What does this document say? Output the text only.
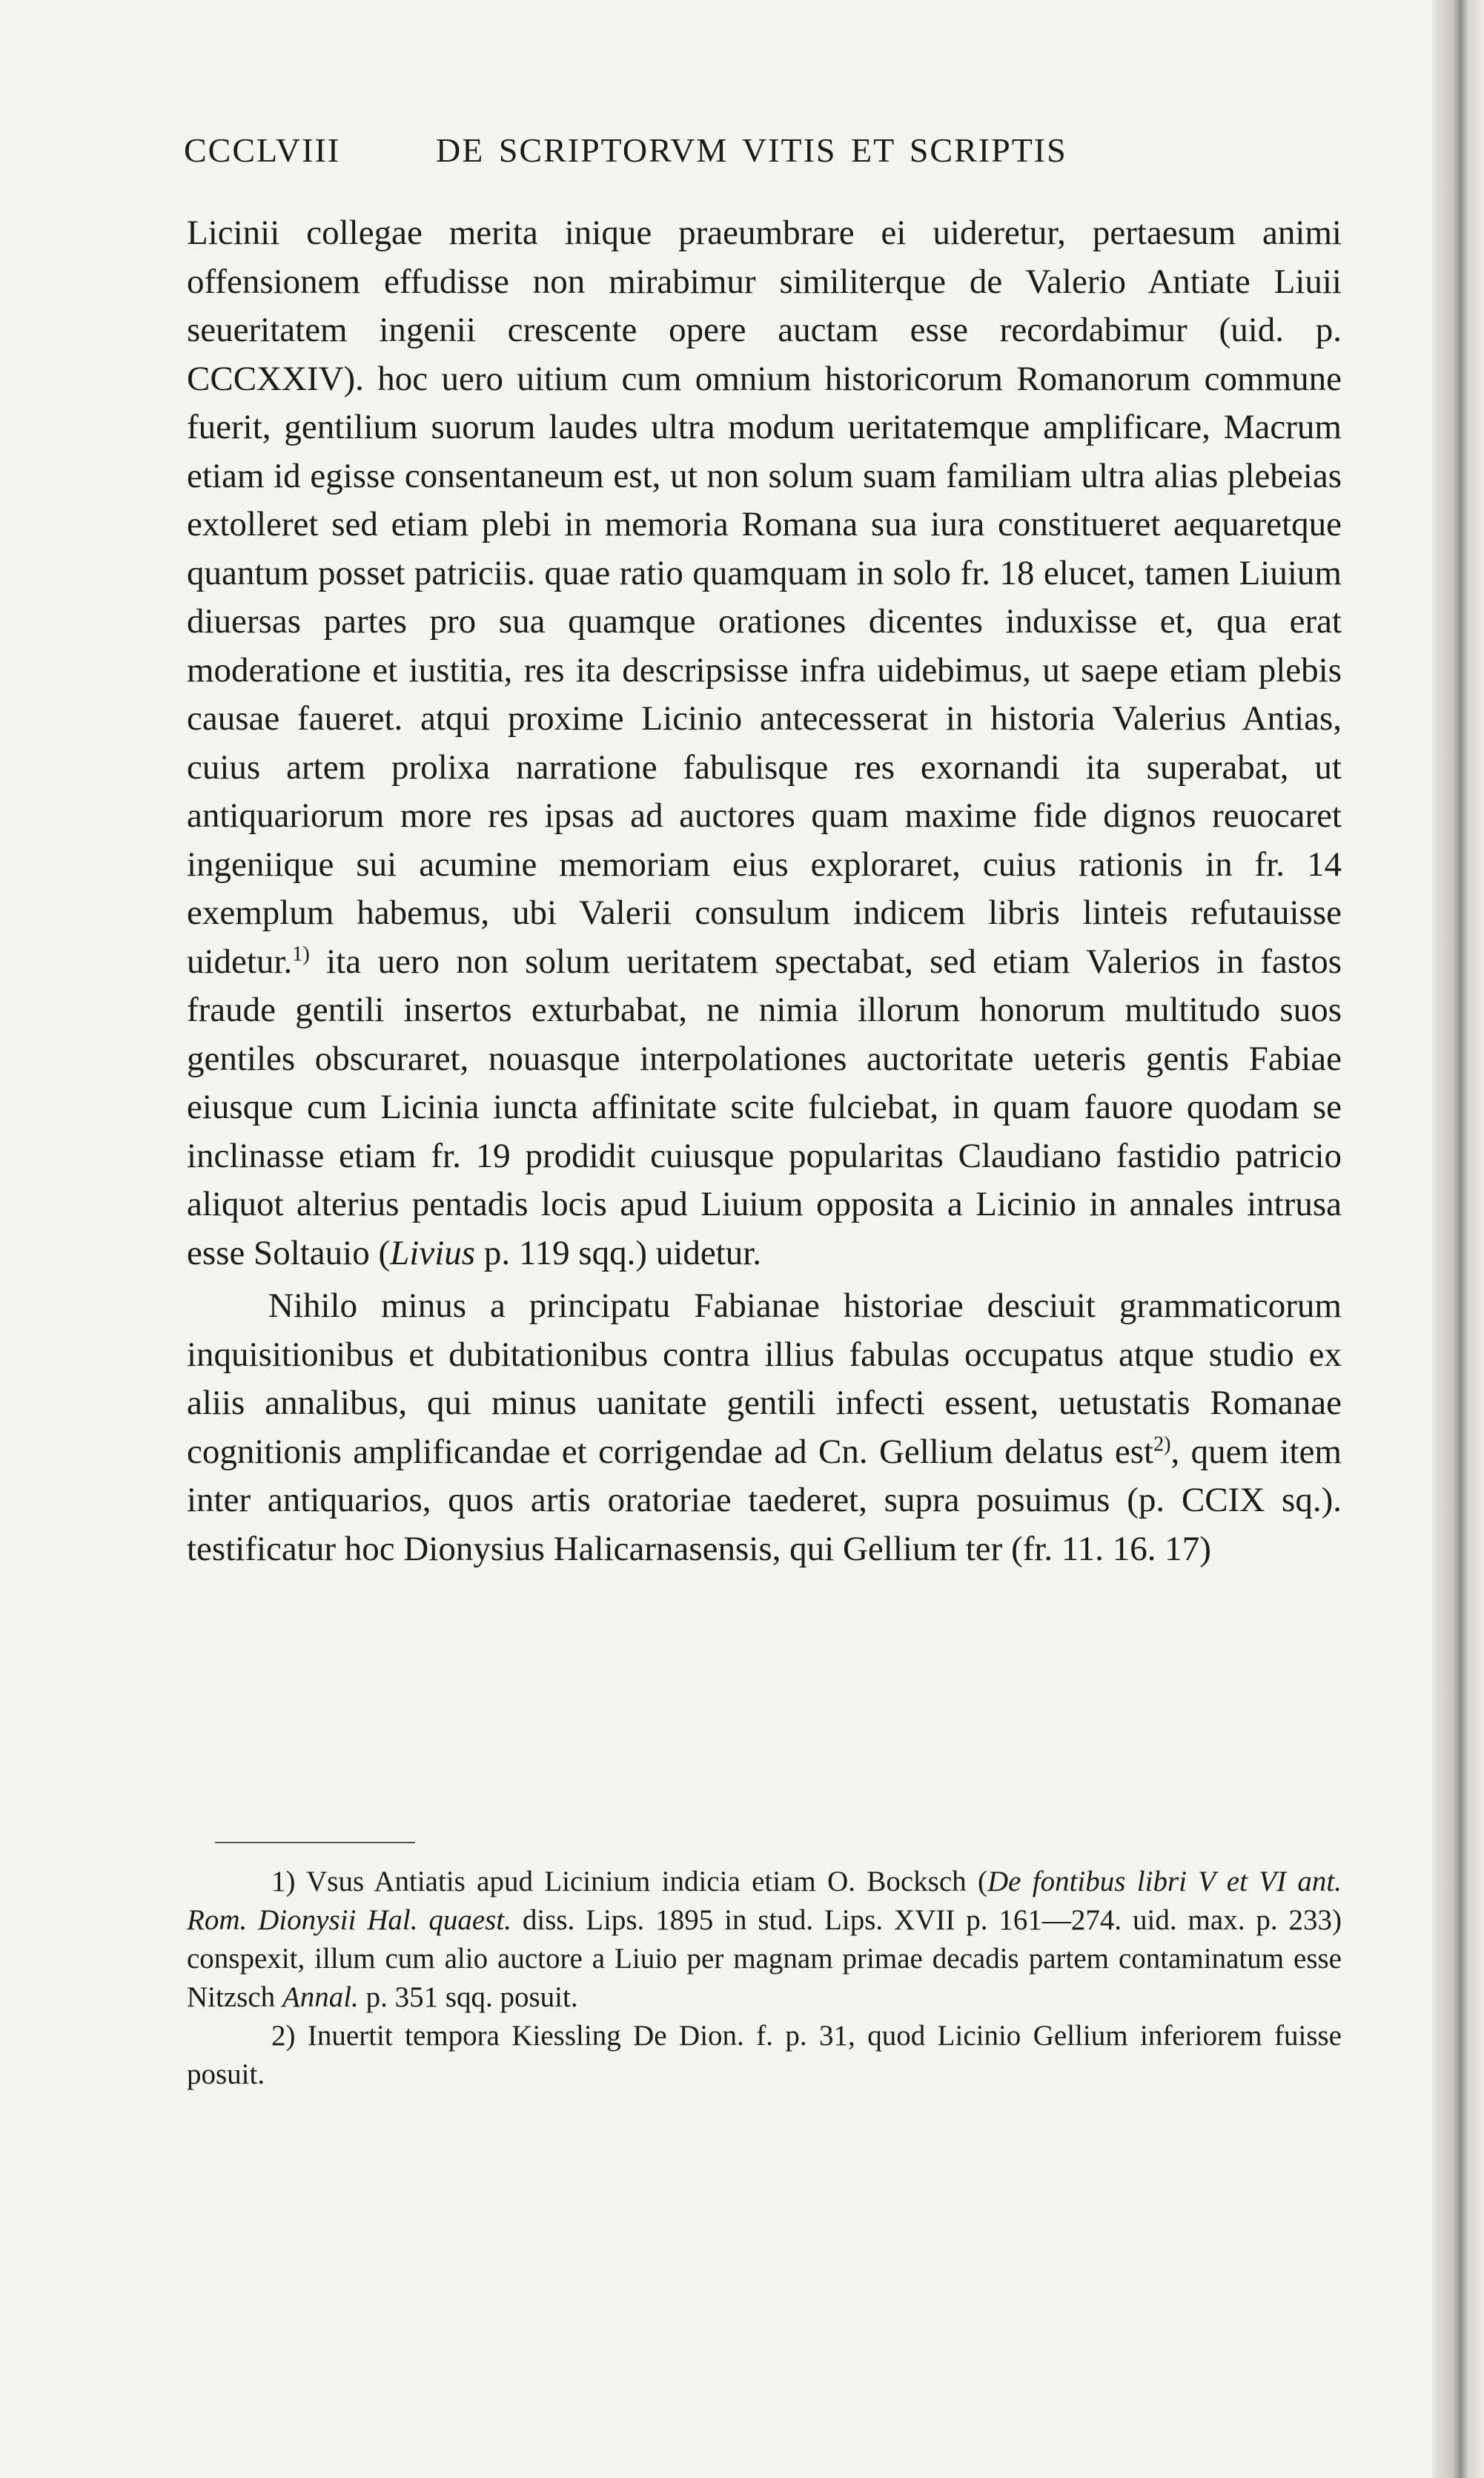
CCCLVIII	DE SCRIPTORVM VITIS ET SCRIPTIS

Licinii collegae merita inique praeumbrare ei uideretur, pertaesum animi offensionem effudisse non mirabimur similiterque de Valerio Antiate Liuii seueritatem ingenii crescente opere auctam esse recordabimur (uid. p. CCCXXIV). hoc uero uitium cum omnium historicorum Romanorum commune fuerit, gentilium suorum laudes ultra modum ueritatemque amplificare, Macrum etiam id egisse consentaneum est, ut non solum suam familiam ultra alias plebeias extolleret sed etiam plebi in memoria Romana sua iura constitueret aequaretque quantum posset patriciis. quae ratio quamquam in solo fr. 18 elucet, tamen Liuium diuersas partes pro sua quamque orationes dicentes induxisse et, qua erat moderatione et iustitia, res ita descripsisse infra uidebimus, ut saepe etiam plebis causae faueret. atqui proxime Licinio antecesserat in historia Valerius Antias, cuius artem prolixa narratione fabulisque res exornandi ita superabat, ut antiquariorum more res ipsas ad auctores quam maxime fide dignos reuocaret ingeniique sui acumine memoriam eius exploraret, cuius rationis in fr. 14 exemplum habemus, ubi Valerii consulum indicem libris linteis refutauisse uidetur.$^{1)}$ ita uero non solum ueritatem spectabat, sed etiam Valerios in fastos fraude gentili insertos exturbabat, ne nimia illorum honorum multitudo suos gentiles obscuraret, nouasque interpolationes auctoritate ueteris gentis Fabiae eiusque cum Licinia iuncta affinitate scite fulciebat, in quam fauore quodam se inclinasse etiam fr. 19 prodidit cuiusque popularitas Claudiano fastidio patricio aliquot alterius pentadis locis apud Liuium opposita a Licinio in annales intrusa esse Soltauio (Livius p. 119 sqq.) uidetur.

Nihilo minus a principatu Fabianae historiae desciuit grammaticorum inquisitionibus et dubitationibus contra illius fabulas occupatus atque studio ex aliis annalibus, qui minus uanitate gentili infecti essent, uetustatis Romanae cognitionis amplificandae et corrigendae ad Cn. Gellium delatus est$^{2)}$, quem item inter antiquarios, quos artis oratoriae taederet, supra posuimus (p. CCIX sq.). testificatur hoc Dionysius Halicarnasensis, qui Gellium ter (fr. 11. 16. 17)

1) Vsus Antiatis apud Licinium indicia etiam O. Bocksch (De fontibus libri V et VI ant. Rom. Dionysii Hal. quaest. diss. Lips. 1895 in stud. Lips. XVII p. 161—274. uid. max. p. 233) conspexit, illum cum alio auctore a Liuio per magnam primae decadis partem contaminatum esse Nitzsch Annal. p. 351 sqq. posuit.

2) Inuertit tempora Kiessling De Dion. f. p. 31, quod Licinio Gellium inferiorem fuisse posuit.
